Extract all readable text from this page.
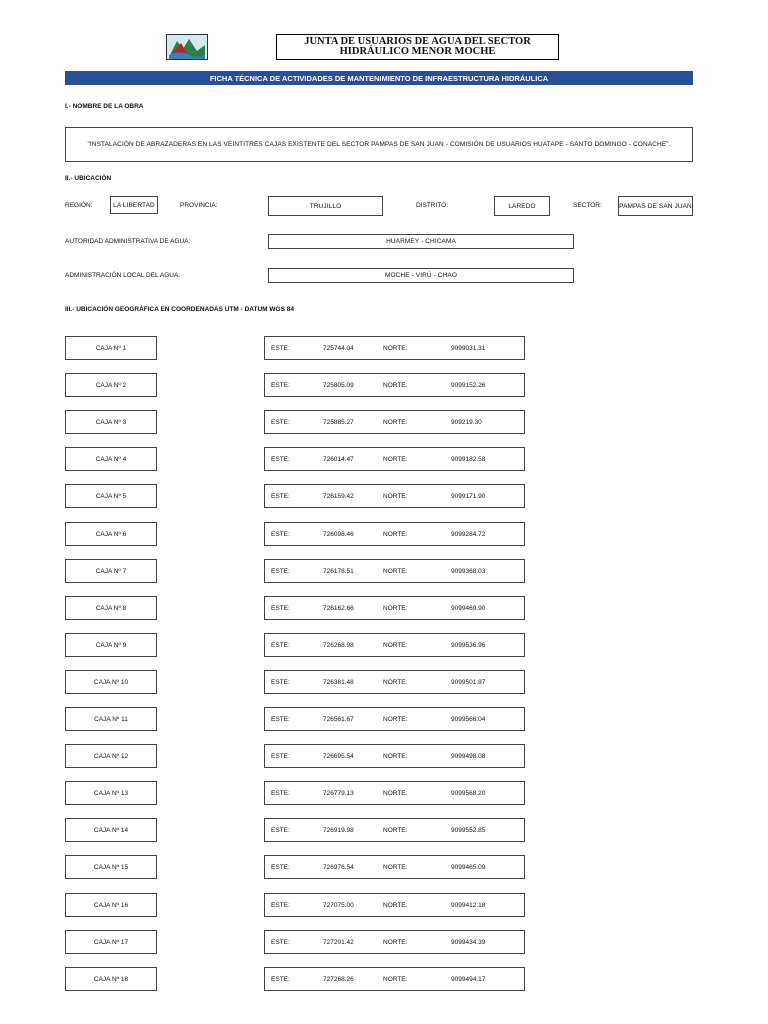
JUNTA DE USUARIOS DE AGUA DEL SECTOR HIDRÁULICO MENOR MOCHE
FICHA TÉCNICA DE ACTIVIDADES DE MANTENIMIENTO DE INFRAESTRUCTURA HIDRÁULICA
I.- NOMBRE DE LA OBRA
"INSTALACIÓN DE ABRAZADERAS EN LAS VEINTITRES CAJAS EXISTENTE DEL SECTOR PAMPAS DE SAN JUAN - COMISIÓN DE USUARIOS HUATAPE - SANTO DOMINGO - CONACHE".
II.- UBICACIÓN
REGIÓN:	LA LIBERTAD	PROVINCIA:	TRUJILLO	DISTRITO:	LAREDO	SECTOR:	PAMPAS DE SAN JUAN
AUTORIDAD ADMINISTRATIVA DE AGUA:	HUARMEY - CHICAMA
ADMINISTRACIÓN LOCAL DEL AGUA:	MOCHE - VIRÚ - CHAO
III.- UBICACIÓN GEOGRÁFICA EN COORDENADAS UTM - DATUM WGS 84
CAJA Nº 1	ESTE:	725744.04	NORTE:	9099031.31
CAJA Nº 2	ESTE:	725805.09	NORTE:	9099152.26
CAJA Nº 3	ESTE:	725885.27	NORTE:	909219.30
CAJA Nº 4	ESTE:	726014.47	NORTE:	9099182.58
CAJA Nº 5	ESTE:	726159.42	NORTE:	9099171.90
CAJA Nº 6	ESTE:	726098.46	NORTE:	9099284.72
CAJA Nº 7	ESTE:	726178.51	NORTE:	9099368.03
CAJA Nº 8	ESTE:	726162.66	NORTE:	9099469.90
CAJA Nº 9	ESTE:	726268.98	NORTE:	9099536.96
CAJA Nº 10	ESTE:	726381.48	NORTE:	9099501.87
CAJA Nº 11	ESTE:	726561.67	NORTE:	9099566.04
CAJA Nº 12	ESTE:	726695.54	NORTE:	9099498.08
CAJA Nº 13	ESTE:	726779.13	NORTE:	9099568.20
CAJA Nº 14	ESTE:	726919.98	NORTE:	9099552.85
CAJA Nº 15	ESTE:	726976.54	NORTE:	9099465.09
CAJA Nº 16	ESTE:	727075.00	NORTE:	9099412.18
CAJA Nº 17	ESTE:	727201.42	NORTE:	9099434.39
CAJA Nº 18	ESTE:	727268.26	NORTE:	9099494.17
